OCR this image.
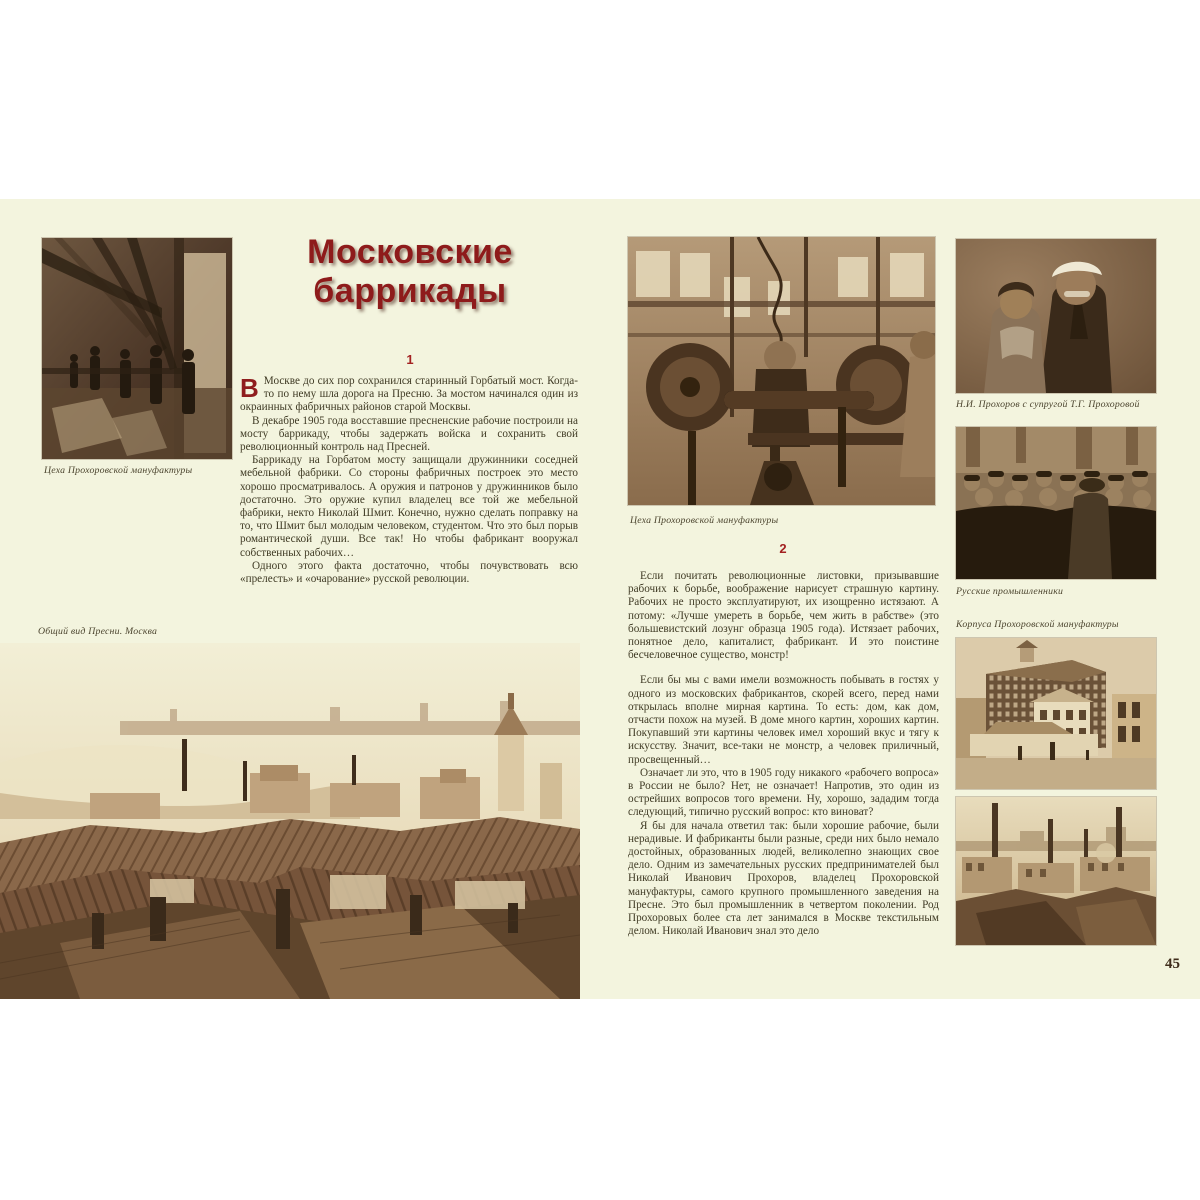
Цеха Прохоровской мануфактуры
Московские
баррикады
1

В Москве до сих пор сохранился старинный Горбатый мост. Когда-то по нему шла дорога на Пресню. За мостом начинался один из окраинных фабричных районов старой Москвы.

В декабре 1905 года восставшие пресненские рабочие построили на мосту баррикаду, чтобы задержать войска и сохранить свой революционный контроль над Пресней.

Баррикаду на Горбатом мосту защищали дружинники соседней мебельной фабрики. Со стороны фабричных построек это место хорошо просматривалось. А оружия и патронов у дружинников было достаточно. Это оружие купил владелец все той же мебельной фабрики, некто Николай Шмит. Конечно, нужно сделать поправку на то, что Шмит был молодым человеком, студентом. Что это был порыв романтической души. Все так! Но чтобы фабрикант вооружал собственных рабочих…

Одного этого факта достаточно, чтобы почувствовать всю «прелесть» и «очарование» русской революции.

Общий вид Пресни. Москва
Цеха Прохоровской мануфактуры
2

Если почитать революционные листовки, призывавшие рабочих к борьбе, воображение нарисует страшную картину. Рабочих не просто эксплуатируют, их изощренно истязают. А потому: «Лучше умереть в борьбе, чем жить в рабстве» (это большевистский лозунг образца 1905 года). Истязает рабочих, понятное дело, капиталист, фабрикант. И это поистине бесчеловечное существо, монстр!

Если бы мы с вами имели возможность побывать в гостях у одного из московских фабрикантов, скорей всего, перед нами открылась вполне мирная картина. То есть: дом, как дом, отчасти похож на музей. В доме много картин, хороших картин. Покупавший эти картины человек имел хороший вкус и тягу к искусству. Значит, все-таки не монстр, а человек приличный, просвещенный…

Означает ли это, что в 1905 году никакого «рабочего вопроса» в России не было? Нет, не означает! Напротив, это один из острейших вопросов того времени. Ну, хорошо, зададим тогда следующий, типично русский вопрос: кто виноват?

Я бы для начала ответил так: были хорошие рабочие, были нерадивые. И фабриканты были разные, среди них было немало достойных, образованных людей, великолепно знающих свое дело. Одним из замечательных русских предпринимателей был Николай Иванович Прохоров, владелец Прохоровской мануфактуры, самого крупного промышленного заведения на Пресне. Это был промышленник в четвертом поколении. Род Прохоровых более ста лет занимался в Москве текстильным делом. Николай Иванович знал это дело

Н.И. Прохоров с супругой Т.Г. Прохоровой
Русские промышленники
Корпуса Прохоровской мануфактуры
45
